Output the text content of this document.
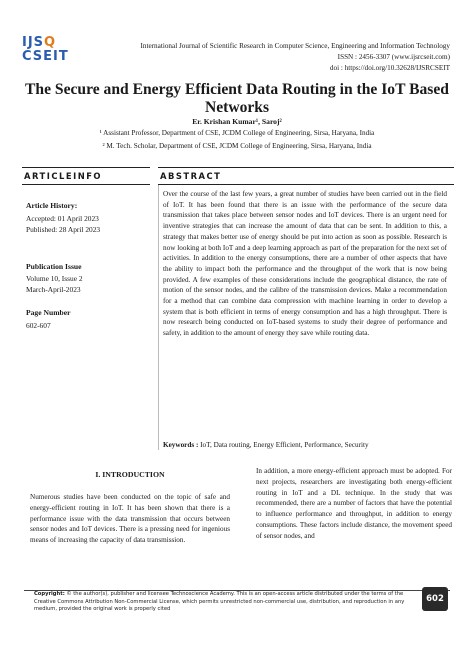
IJSQ
CSEIT
International Journal of Scientific Research in Computer Science, Engineering and Information Technology
ISSN : 2456-3307 (www.ijsrcseit.com)
doi : https://doi.org/10.32628/IJSRCSEIT
The Secure and Energy Efficient Data Routing in the IoT Based Networks
Er. Krishan Kumar¹, Saroj²
¹ Assistant Professor, Department of CSE, JCDM College of Engineering, Sirsa, Haryana, India
² M. Tech. Scholar, Department of CSE, JCDM College of Engineering, Sirsa, Haryana, India
ARTICLEINFO	ABSTRACT
Article History:
Accepted: 01 April 2023
Published: 28 April 2023
Publication Issue
Volume 10, Issue 2
March-April-2023
Page Number
602-607
Over the course of the last few years, a great number of studies have been carried out in the field of IoT. It has been found that there is an issue with the performance of the secure data transmission that takes place between sensor nodes and IoT devices. There is an urgent need for inventive strategies that can increase the amount of data that can be sent. In addition to this, a strategy that makes better use of energy should be put into action as soon as possible. Research is now looking at both IoT and a deep learning approach as part of the preparation for the next set of activities. In addition to the energy consumptions, there are a number of other aspects that have the ability to impact both the performance and the throughput of the work that is now being provided. A few examples of these considerations include the geographical distance, the rate of motion of the sensor nodes, and the calibre of the transmission devices. Make a recommendation for a method that can combine data compression with machine learning in order to develop a system that is both efficient in terms of energy consumption and has a high throughput. There is now research being conducted on IoT-based systems to study their degree of performance and safety, in addition to the amount of energy they save while routing data.
Keywords : IoT, Data routing, Energy Efficient, Performance, Security
I. INTRODUCTION
Numerous studies have been conducted on the topic of safe and energy-efficient routing in IoT. It has been shown that there is a performance issue with the data transmission that occurs between sensor nodes and IoT devices. There is a pressing need for ingenious means of increasing the capacity of data transmission.
In addition, a more energy-efficient approach must be adopted. For next projects, researchers are investigating both energy-efficient routing in IoT and a DL technique. In the study that was recommended, there are a number of factors that have the potential to influence performance and throughput, in addition to energy consumptions. These factors include distance, the movement speed of sensor nodes, and
Copyright: © the author(s), publisher and licensee Technoscience Academy. This is an open-access article distributed under the terms of the Creative Commons Attribution Non-Commercial License, which permits unrestricted non-commercial use, distribution, and reproduction in any medium, provided the original work is properly cited
602
